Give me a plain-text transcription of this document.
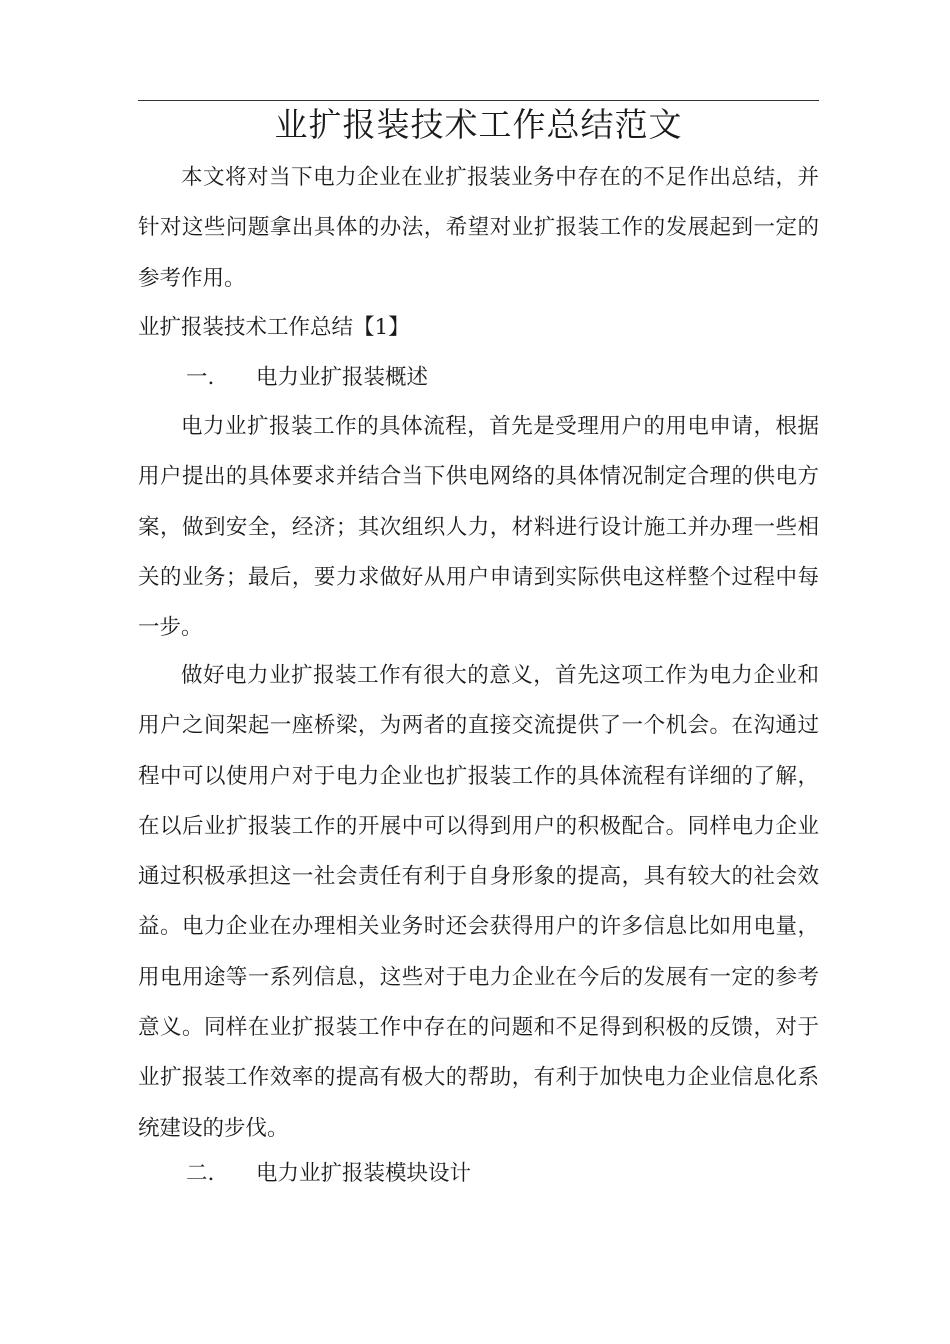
业扩报装技术工作总结范文

本文将对当下电力企业在业扩报装业务中存在的不足作出总结，并针对这些问题拿出具体的办法，希望对业扩报装工作的发展起到一定的参考作用。

业扩报装技术工作总结【1】
一. 电力业扩报装概述

电力业扩报装工作的具体流程，首先是受理用户的用电申请，根据用户提出的具体要求并结合当下供电网络的具体情况制定合理的供电方案，做到安全，经济；其次组织人力，材料进行设计施工并办理一些相关的业务；最后，要力求做好从用户申请到实际供电这样整个过程中每一步。

做好电力业扩报装工作有很大的意义，首先这项工作为电力企业和用户之间架起一座桥梁，为两者的直接交流提供了一个机会。在沟通过程中可以使用户对于电力企业也扩报装工作的具体流程有详细的了解，在以后业扩报装工作的开展中可以得到用户的积极配合。同样电力企业通过积极承担这一社会责任有利于自身形象的提高，具有较大的社会效益。电力企业在办理相关业务时还会获得用户的许多信息比如用电量，用电用途等一系列信息，这些对于电力企业在今后的发展有一定的参考意义。同样在业扩报装工作中存在的问题和不足得到积极的反馈，对于业扩报装工作效率的提高有极大的帮助，有利于加快电力企业信息化系统建设的步伐。

二. 电力业扩报装模块设计
